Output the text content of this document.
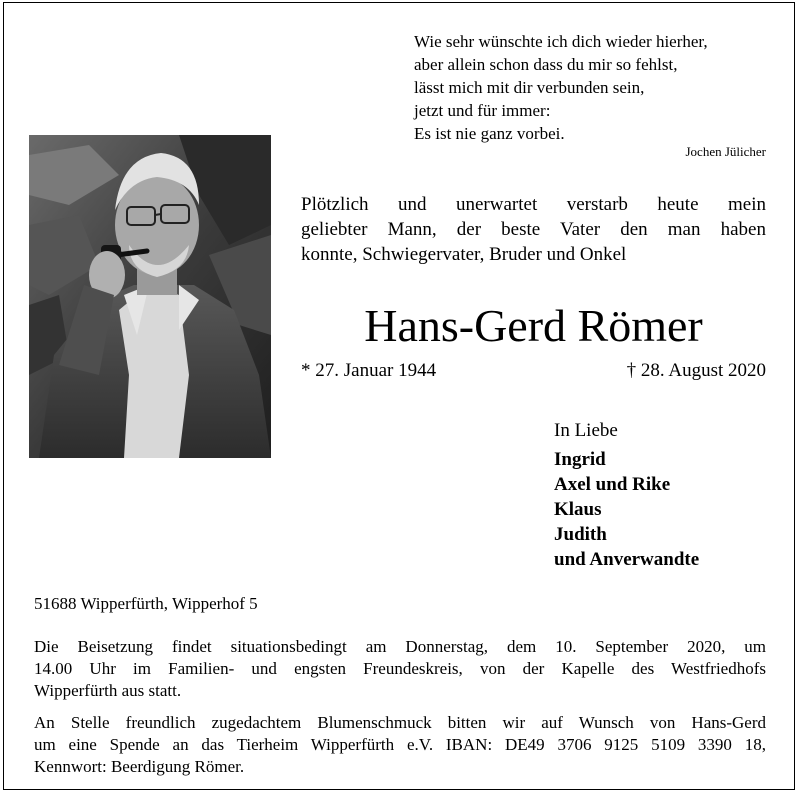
Wie sehr wünschte ich dich wieder hierher,
aber allein schon dass du mir so fehlst,
lässt mich mit dir verbunden sein,
jetzt und für immer:
Es ist nie ganz vorbei.
Jochen Jülicher
Plötzlich und unerwartet verstarb heute mein
geliebter Mann, der beste Vater den man haben
konnte, Schwiegervater, Bruder und Onkel
Hans-Gerd Römer
* 27. Januar 1944	† 28. August 2020
In Liebe
Ingrid
Axel und Rike
Klaus
Judith
und Anverwandte
51688 Wipperfürth, Wipperhof 5
Die Beisetzung findet situationsbedingt am Donnerstag, dem 10. September 2020, um
14.00 Uhr im Familien- und engsten Freundeskreis, von der Kapelle des Westfriedhofs
Wipperfürth aus statt.
An Stelle freundlich zugedachtem Blumenschmuck bitten wir auf Wunsch von Hans-Gerd
um eine Spende an das Tierheim Wipperfürth e.V. IBAN: DE49 3706 9125 5109 3390 18,
Kennwort: Beerdigung Römer.
